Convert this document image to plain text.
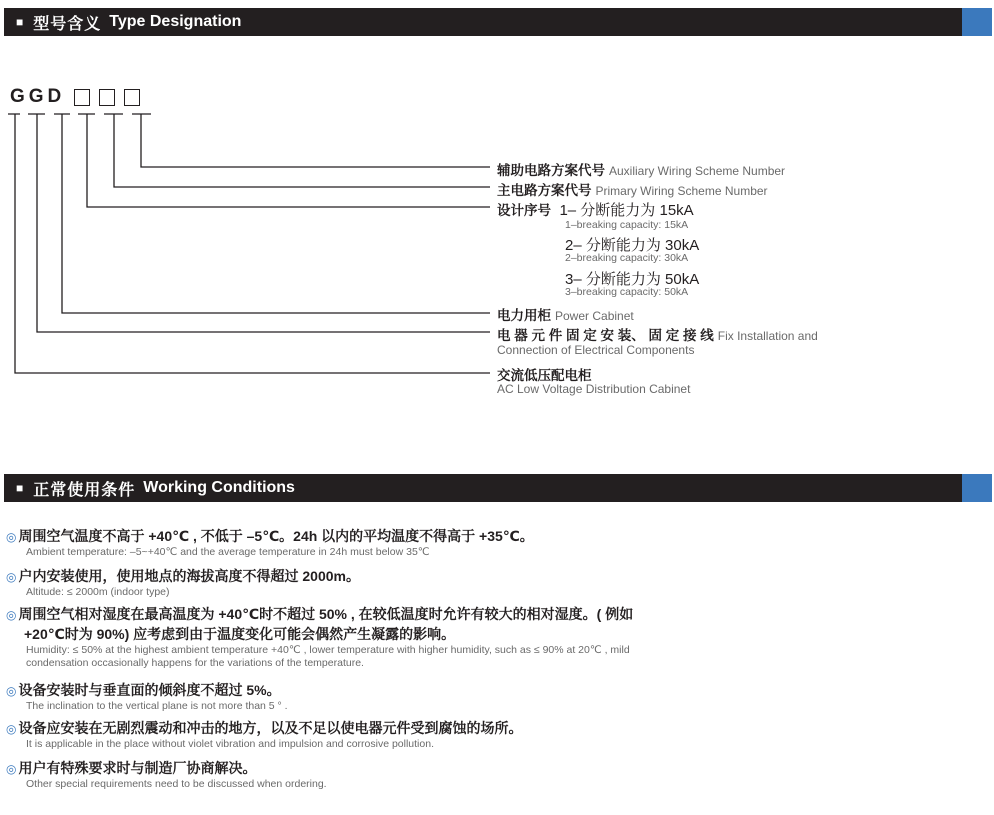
■ 型号含义 Type Designation
GGD
辅助电路方案代号 Auxiliary Wiring Scheme Number
主电路方案代号 Primary Wiring Scheme Number
设计序号 1– 分断能力为 15kA
1–breaking capacity: 15kA
2– 分断能力为 30kA
2–breaking capacity: 30kA
3– 分断能力为 50kA
3–breaking capacity: 50kA
电力用柜 Power Cabinet
电 器 元 件 固 定 安 装、 固 定 接 线 Fix Installation and
Connection of Electrical Components
交流低压配电柜
AC Low Voltage Distribution Cabinet
■ 正常使用条件 Working Conditions
◎ 周围空气温度不高于 +40℃ , 不低于 –5℃。24h 以内的平均温度不得高于 +35℃。
Ambient temperature: –5~+40℃ and the average temperature in 24h must below 35℃
◎ 户内安装使用，使用地点的海拔高度不得超过 2000m。
Altitude: ≤ 2000m (indoor type)
◎ 周围空气相对湿度在最高温度为 +40℃时不超过 50% , 在较低温度时允许有较大的相对湿度。( 例如
+20℃时为 90%) 应考虑到由于温度变化可能会偶然产生凝露的影响。
Humidity: ≤ 50% at the highest ambient temperature +40℃ , lower temperature with higher humidity, such as ≤ 90% at 20℃ , mild
condensation occasionally happens for the variations of the temperature.
◎ 设备安装时与垂直面的倾斜度不超过 5%。
The inclination to the vertical plane is not more than 5 ° .
◎ 设备应安装在无剧烈震动和冲击的地方，以及不足以使电器元件受到腐蚀的场所。
It is applicable in the place without violet vibration and impulsion and corrosive pollution.
◎ 用户有特殊要求时与制造厂协商解决。
Other special requirements need to be discussed when ordering.
